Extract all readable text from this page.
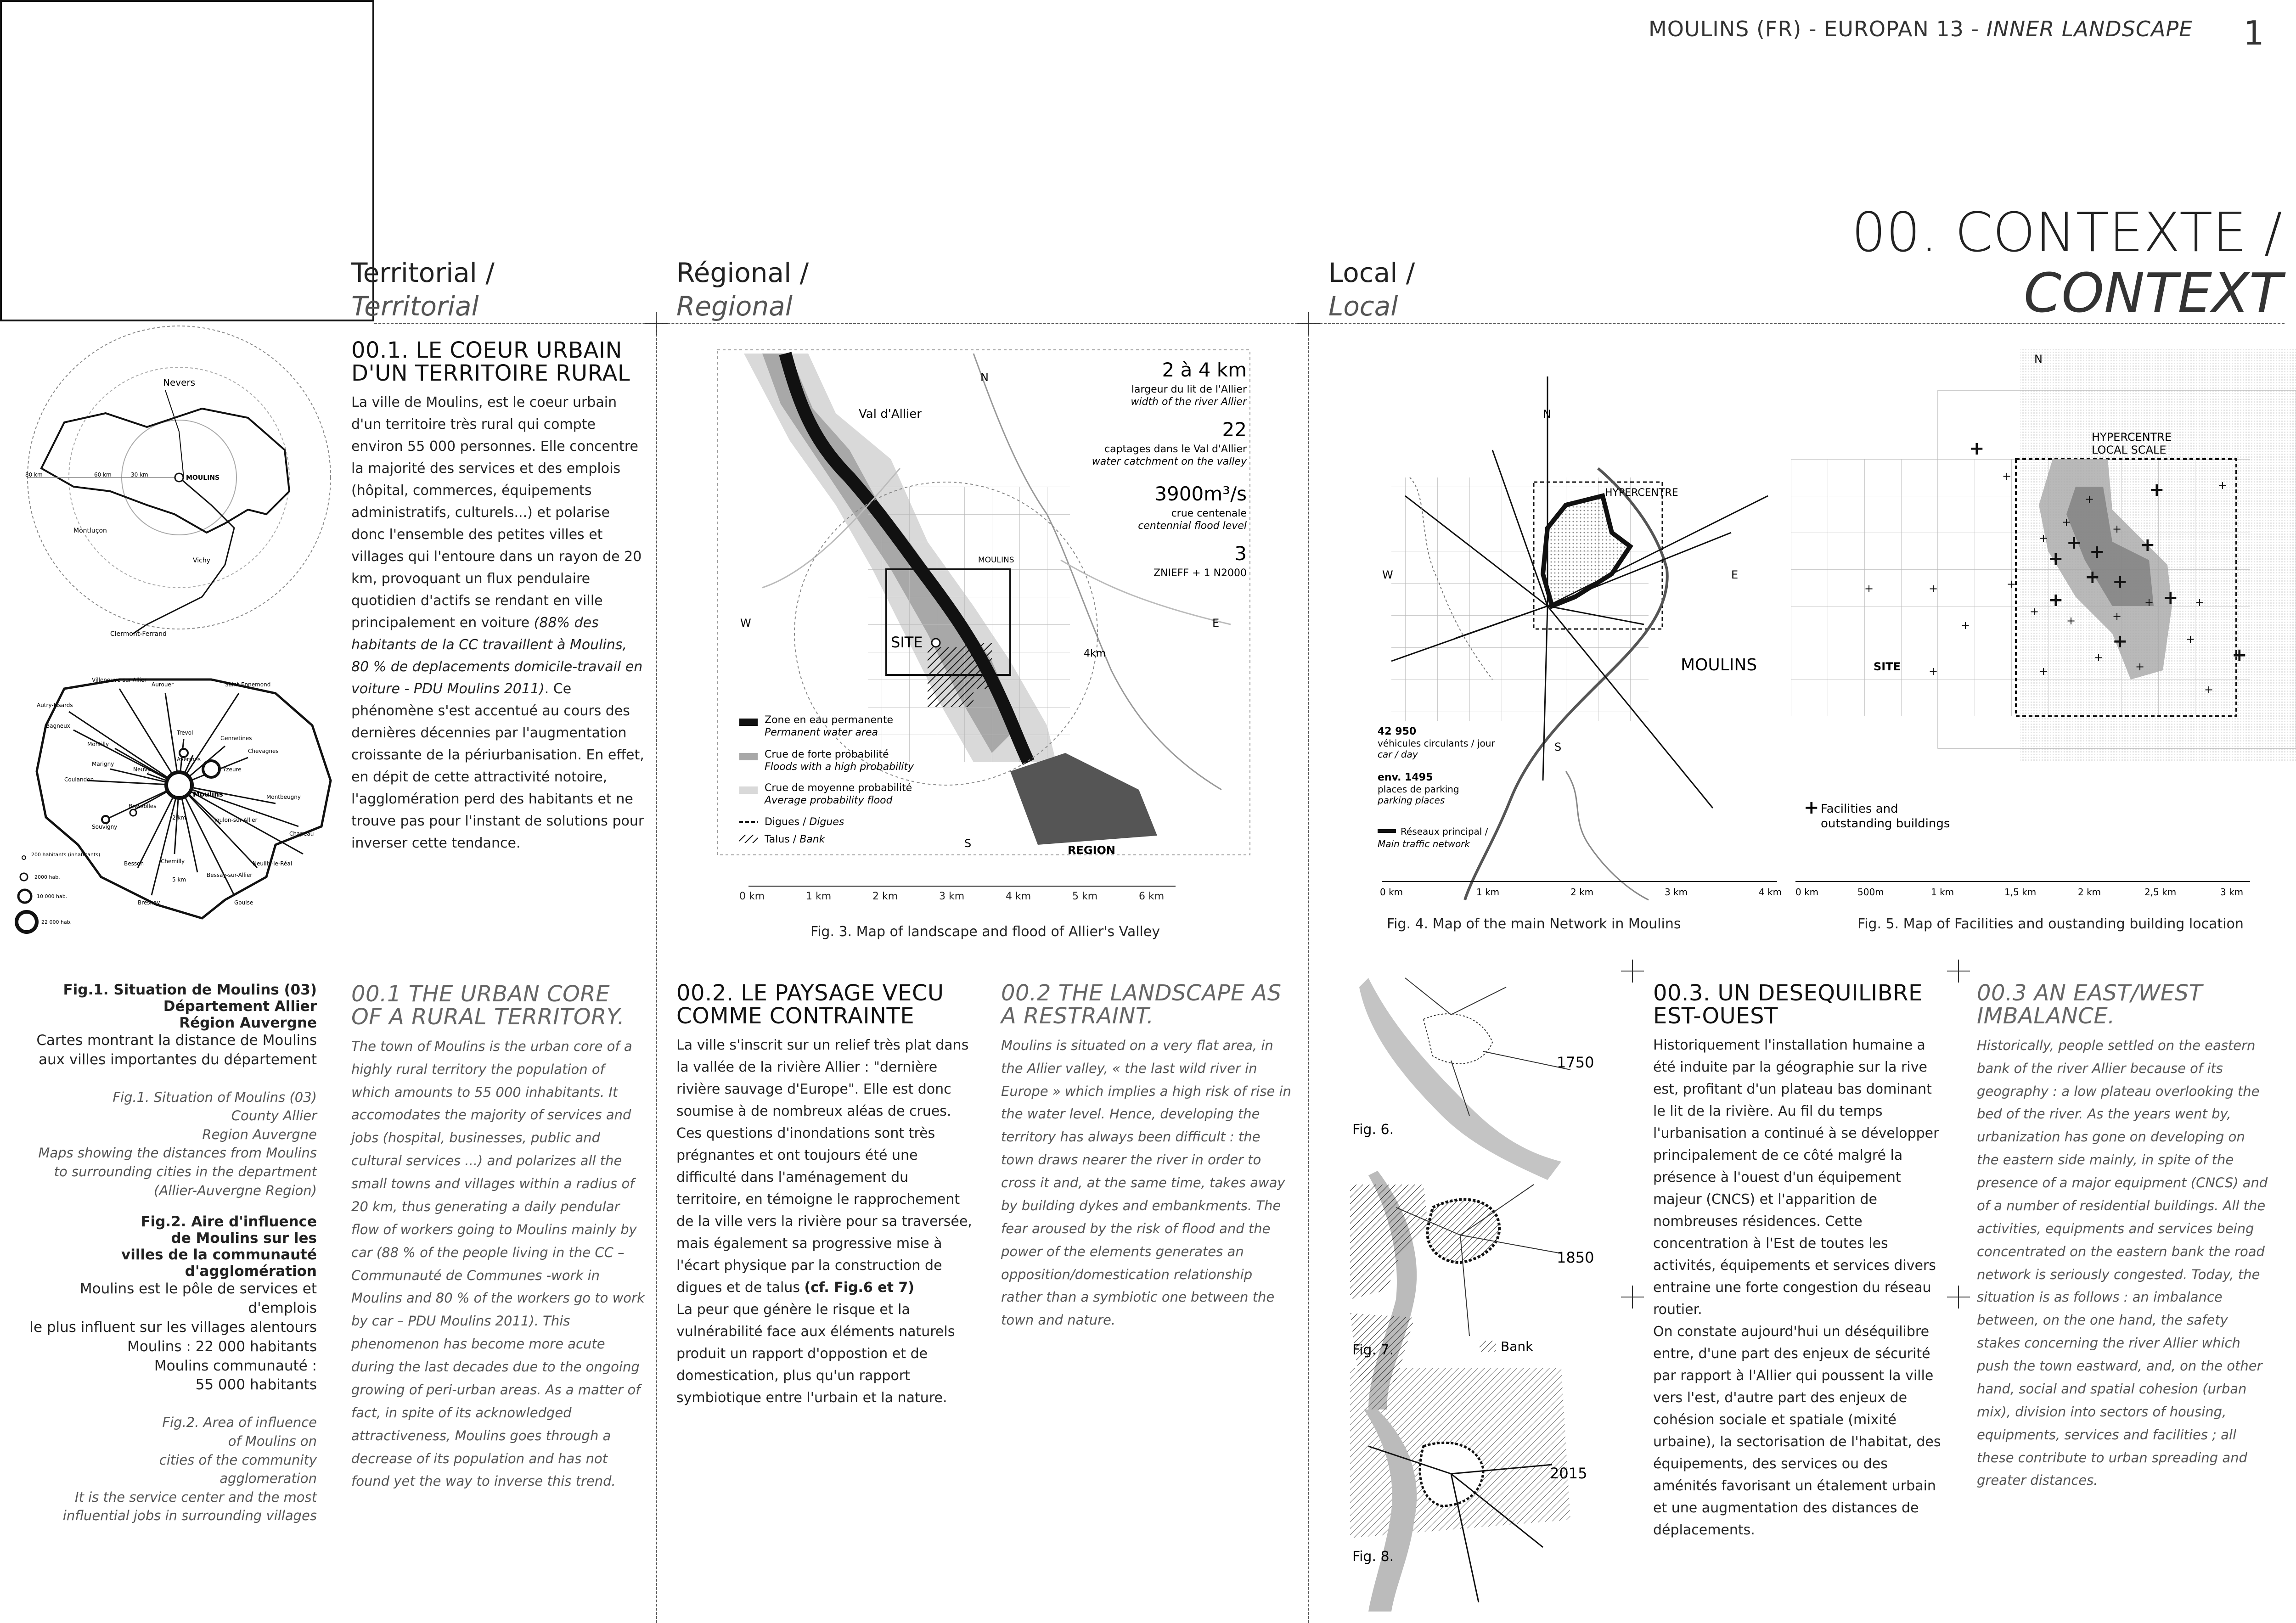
MOULINS (FR) - EUROPAN 13 - INNER LANDSCAPE 1
00. CONTEXTE /
CONTEXT
Territorial /
Territorial
Régional /
Regional
Local /
Local
Nevers
MOULINS
Montluçon
Vichy
Clermont-Ferrand
80 km	60 km	30 km
Villeneuve-sur-Allier
Aurouer
Autry-Issards
Bagneux
Saint-Ennemond
Montilly
Trevol
Gennetines
Chevagnes
Avermes
Marigny
Neuvy	Yzeure
Coulandon
Moulins
Bressolles
Montbeugny
Souvigny
Toulon-sur-Allier
Chapeau
Besson	Chemilly	Neuilly-le-Réal
Bresnay
Bessay-sur-Allier
Gouise
2 km
5 km
200 habitants (inhabitants)
2000 hab.
10 000 hab.
22 000 hab.
Fig.1. Situation de Moulins (03)
Département Allier
Région Auvergne
Cartes montrant la distance de Moulins
aux villes importantes du département
Fig.1. Situation of Moulins (03)
County Allier
Region Auvergne
Maps showing the distances from Moulins
to surrounding cities in the department
(Allier-Auvergne Region)
Fig.2. Aire d'influence
de Moulins sur les
villes de la communauté
d'agglomération
Moulins est le pôle de services et d'emplois
le plus influent sur les villages alentours
Moulins : 22 000 habitants
Moulins communauté :
55 000 habitants
Fig.2. Area of influence
of Moulins on
cities of the community
agglomeration
It is the service center and the most
influential jobs in surrounding villages
00.1. LE COEUR URBAIN D'UN TERRITOIRE RURAL
La ville de Moulins, est le coeur urbain d'un territoire très rural qui compte environ 55 000 personnes. Elle concentre la majorité des services et des emplois (hôpital, commerces, équipements administratifs, culturels...) et polarise donc l'ensemble des petites villes et villages qui l'entoure dans un rayon de 20 km, provoquant un flux pendulaire quotidien d'actifs se rendant en ville principalement en voiture (88% des habitants de la CC travaillent à Moulins, 80 % de deplacements domicile-travail en voiture - PDU Moulins 2011). Ce phénomène s'est accentué au cours des dernières décennies par l'augmentation croissante de la périurbanisation. En effet, en dépit de cette attractivité notoire, l'agglomération perd des habitants et ne trouve pas pour l'instant de solutions pour inverser cette tendance.
00.1 THE URBAN CORE OF A RURAL TERRITORY.
The town of Moulins is the urban core of a highly rural territory the population of which amounts to 55 000 inhabitants. It accomodates the majority of services and jobs (hospital, businesses, public and cultural services ...) and polarizes all the small towns and villages within a radius of 20 km, thus generating a daily pendular flow of workers going to Moulins mainly by car (88 % of the people living in the CC – Communauté de Communes -work in Moulins and 80 % of the workers go to work by car – PDU Moulins 2011). This phenomenon has become more acute during the last decades due to the ongoing growing of peri-urban areas. As a matter of fact, in spite of its acknowledged attractiveness, Moulins goes through a decrease of its population and has not found yet the way to inverse this trend.
Val d'Allier
MOULINS
SITE
REGION
N
S
E
W
4km
2 à 4 km
largeur du lit de l'Allier
width of the river Allier
22
captages dans le Val d'Allier
water catchment on the valley
3900m³/s
crue centenale
centennial flood level
3
ZNIEFF + 1 N2000
Zone en eau permanente
Permanent water area
Crue de forte probabilité
Floods with a high probability
Crue de moyenne probabilité
Average probability flood
Digues / Digues
Talus / Bank
0 km	1 km	2 km	3 km	4 km	5 km	6 km
Fig. 3. Map of landscape and flood of Allier's Valley
00.2. LE PAYSAGE VECU COMME CONTRAINTE
La ville s'inscrit sur un relief très plat dans la vallée de la rivière Allier : "dernière rivière sauvage d'Europe". Elle est donc soumise à de nombreux aléas de crues. Ces questions d'inondations sont très prégnantes et ont toujours été une difficulté dans l'aménagement du territoire, en témoigne le rapprochement de la ville vers la rivière pour sa traversée, mais également sa progressive mise à l'écart physique par la construction de digues et de talus (cf. Fig.6 et 7)
La peur que génère le risque et la vulnérabilité face aux éléments naturels produit un rapport d'oppostion et de domestication, plus qu'un rapport symbiotique entre l'urbain et la nature.
00.2 THE LANDSCAPE AS A RESTRAINT.
Moulins is situated on a very flat area, in the Allier valley, « the last wild river in Europe » which implies a high risk of rise in the water level. Hence, developing the territory has always been difficult : the town draws nearer the river in order to cross it and, at the same time, takes away by building dykes and embankments. The fear aroused by the risk of flood and the power of the elements generates an opposition/domestication relationship rather than a symbiotic one between the town and nature.
N
W	E
S
HYPERCENTRE
MOULINS
42 950
véhicules circulants / jour
car / day
env. 1495
places de parking
parking places
Réseaux principal /
Main traffic network
0 km	1 km	2 km	3 km	4 km
Fig. 4. Map of the main Network in Moulins
+
+
+ +
+
+ +
+
+
+
+
+
+
+
+
+
+
+
+
+
+	+
+	+
+
+
+
+
+
+
+
+
+
N
HYPERCENTRE
LOCAL SCALE
SITE
+ Facilities and
outstanding buildings
0 km	500m	1 km	1,5 km	2 km	2,5 km	3 km
Fig. 5. Map of Facilities and oustanding building location
Fig. 6.
1750
Fig. 7.
1850
Bank
Fig. 8.
2015
00.3. UN DESEQUILIBRE EST-OUEST
Historiquement l'installation humaine a été induite par la géographie sur la rive est, profitant d'un plateau bas dominant le lit de la rivière. Au fil du temps l'urbanisation a continué à se développer principalement de ce côté malgré la présence à l'ouest d'un équipement majeur (CNCS) et l'apparition de nombreuses résidences. Cette concentration à l'Est de toutes les activités, équipements et services divers entraine une forte congestion du réseau routier.
On constate aujourd'hui un déséquilibre entre, d'une part des enjeux de sécurité par rapport à l'Allier qui poussent la ville vers l'est, d'autre part des enjeux de cohésion sociale et spatiale (mixité urbaine), la sectorisation de l'habitat, des équipements, des services ou des aménités favorisant un étalement urbain et une augmentation des distances de déplacements.
00.3 AN EAST/WEST IMBALANCE.
Historically, people settled on the eastern bank of the river Allier because of its geography : a low plateau overlooking the bed of the river. As the years went by, urbanization has gone on developing on the eastern side mainly, in spite of the presence of a major equipment (CNCS) and of a number of residential buildings. All the activities, equipments and services being concentrated on the eastern bank the road network is seriously congested. Today, the situation is as follows : an imbalance between, on the one hand, the safety stakes concerning the river Allier which push the town eastward, and, on the other hand, social and spatial cohesion (urban mix), division into sectors of housing, equipments, services and facilities ; all these contribute to urban spreading and greater distances.
